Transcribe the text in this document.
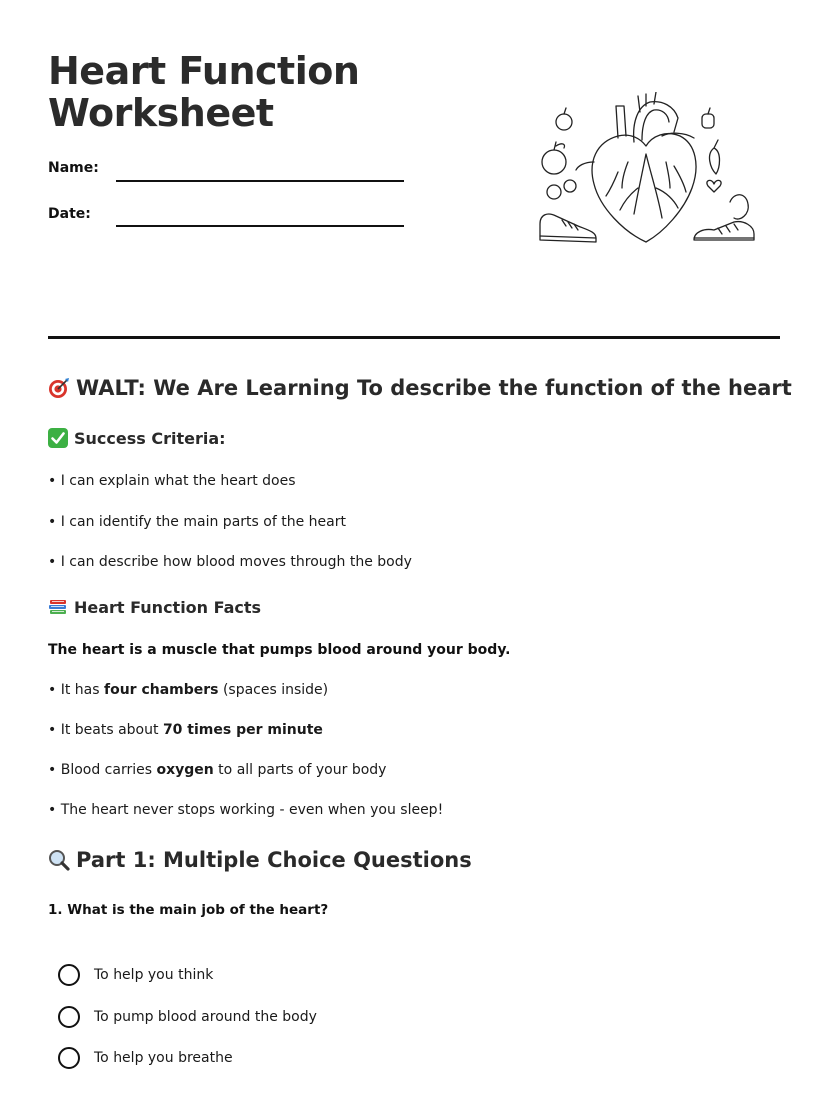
Heart Function
Worksheet
Name:
Date:
WALT: We Are Learning To describe the function of the heart
Success Criteria:
• I can explain what the heart does
• I can identify the main parts of the heart
• I can describe how blood moves through the body
Heart Function Facts
The heart is a muscle that pumps blood around your body.
• It has four chambers (spaces inside)
• It beats about 70 times per minute
• Blood carries oxygen to all parts of your body
• The heart never stops working - even when you sleep!
Part 1: Multiple Choice Questions
1. What is the main job of the heart?
To help you think
To pump blood around the body
To help you breathe
